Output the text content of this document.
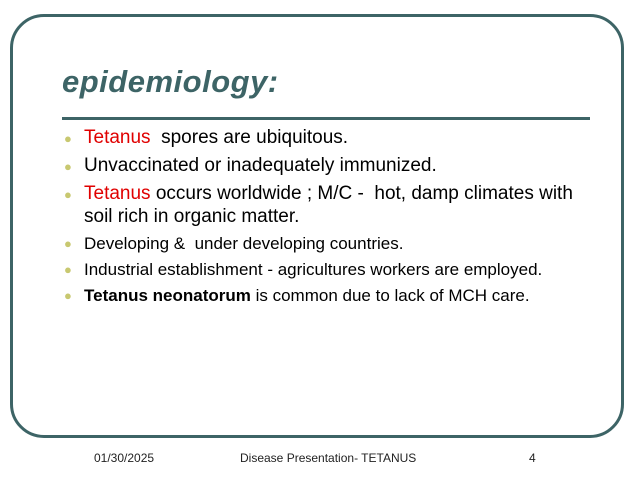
epidemiology:
● Tetanus  spores are ubiquitous.
● Unvaccinated or inadequately immunized.
● Tetanus occurs worldwide ; M/C -  hot, damp climates with soil rich in organic matter.
● Developing &  under developing countries.
● Industrial establishment - agricultures workers are employed.
● Tetanus neonatorum is common due to lack of MCH care.
01/30/2025	Disease Presentation- TETANUS	4
